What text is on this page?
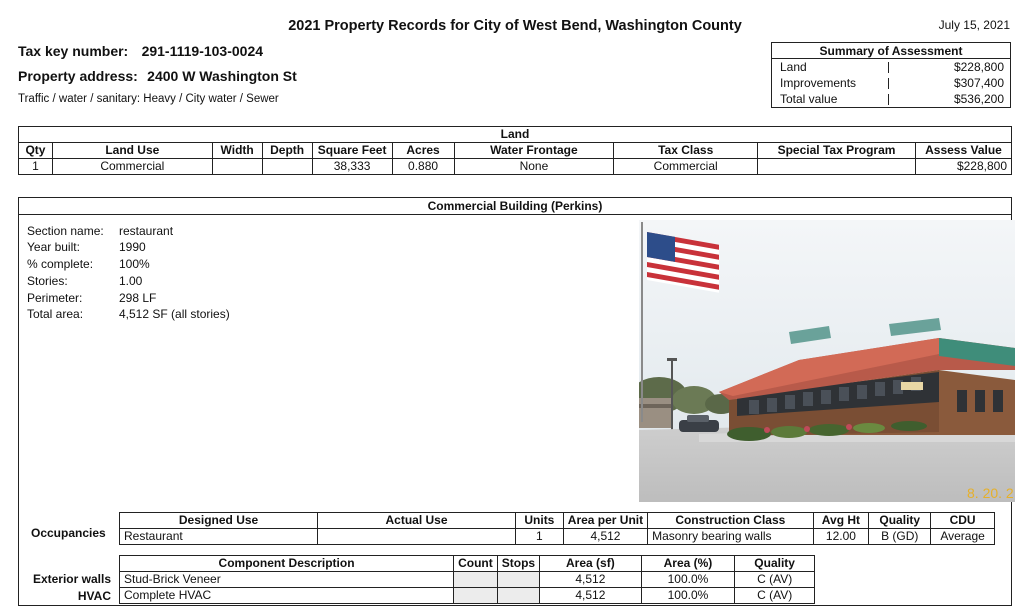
2021 Property Records for City of West Bend, Washington County	July 15, 2021
Tax key number: 291-1119-103-0024
Property address: 2400 W Washington St
Traffic / water / sanitary: Heavy / City water / Sewer
Summary of Assessment
Land	$228,800
Improvements	$307,400
Total value	$536,200
Land									
Qty	Land Use	Width	Depth	Square Feet	Acres	Water Frontage	Tax Class	Special Tax Program	Assess Value
1	Commercial			38,333	0.880	None	Commercial		$228,800
Commercial Building (Perkins)
Section name:	restaurant
Year built:	1990
% complete:	100%
Stories:	1.00
Perimeter:	298 LF
Total area:	4,512 SF (all stories)
8. 20. 2
Occupancies
Designed Use	Actual Use	Units	Area per Unit	Construction Class	Avg Ht	Quality	CDU
Restaurant		1	4,512	Masonry bearing walls	12.00	B (GD)	Average
Exterior walls
HVAC
Component Description	Count	Stops	Area (sf)	Area (%)	Quality
Stud-Brick Veneer			4,512	100.0%	C (AV)
Complete HVAC			4,512	100.0%	C (AV)
